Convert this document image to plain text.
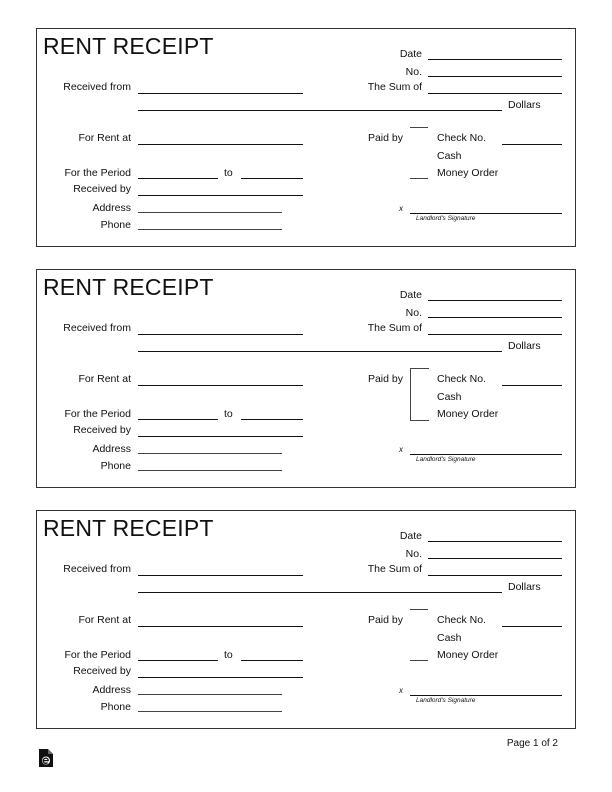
RENT RECEIPT	Date
No.
Received from	The Sum of
Dollars
For Rent at	Paid by	Check No.
Cash
Money Order
For the Period	to
Received by
Address
Phone
x
Landlord's Signature
RENT RECEIPT	Date
No.
Received from	The Sum of
Dollars
For Rent at	Paid by	Check No.
Cash
Money Order
For the Period	to
Received by
Address
Phone
x
Landlord's Signature
RENT RECEIPT	Date
No.
Received from	The Sum of
Dollars
For Rent at	Paid by	Check No.
Cash
Money Order
For the Period	to
Received by
Address
Phone
x
Landlord's Signature
Page 1 of 2
